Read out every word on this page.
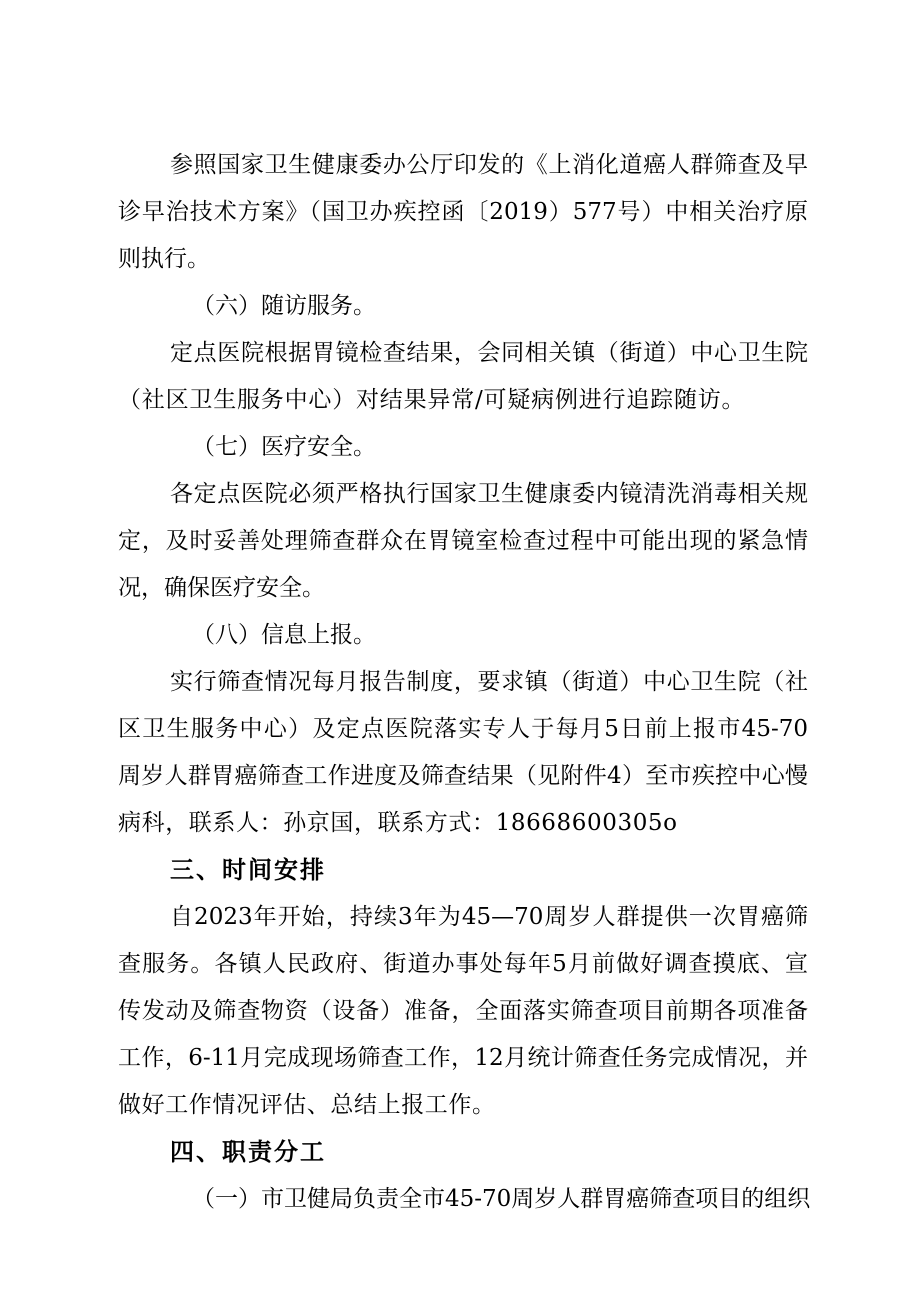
参照国家卫生健康委办公厅印发的《上消化道癌人群筛查及早
诊早治技术方案》（国卫办疾控函〔2019）577号）中相关治疗原
则执行。
（六）随访服务。
定点医院根据胃镜检查结果，会同相关镇（街道）中心卫生院
（社区卫生服务中心）对结果异常/可疑病例进行追踪随访。
（七）医疗安全。
各定点医院必须严格执行国家卫生健康委内镜清洗消毒相关规
定，及时妥善处理筛查群众在胃镜室检查过程中可能出现的紧急情
况，确保医疗安全。
（八）信息上报。
实行筛查情况每月报告制度，要求镇（街道）中心卫生院（社
区卫生服务中心）及定点医院落实专人于每月5日前上报市45-70
周岁人群胃癌筛查工作进度及筛查结果（见附件4）至市疾控中心慢
病科，联系人：孙京国，联系方式：18668600305o
三、时间安排
自2023年开始，持续3年为45—70周岁人群提供一次胃癌筛
查服务。各镇人民政府、街道办事处每年5月前做好调查摸底、宣
传发动及筛查物资（设备）准备，全面落实筛查项目前期各项准备
工作，6-11月完成现场筛查工作，12月统计筛查任务完成情况，并
做好工作情况评估、总结上报工作。
四、职责分工
（一）市卫健局负责全市45-70周岁人群胃癌筛查项目的组织
